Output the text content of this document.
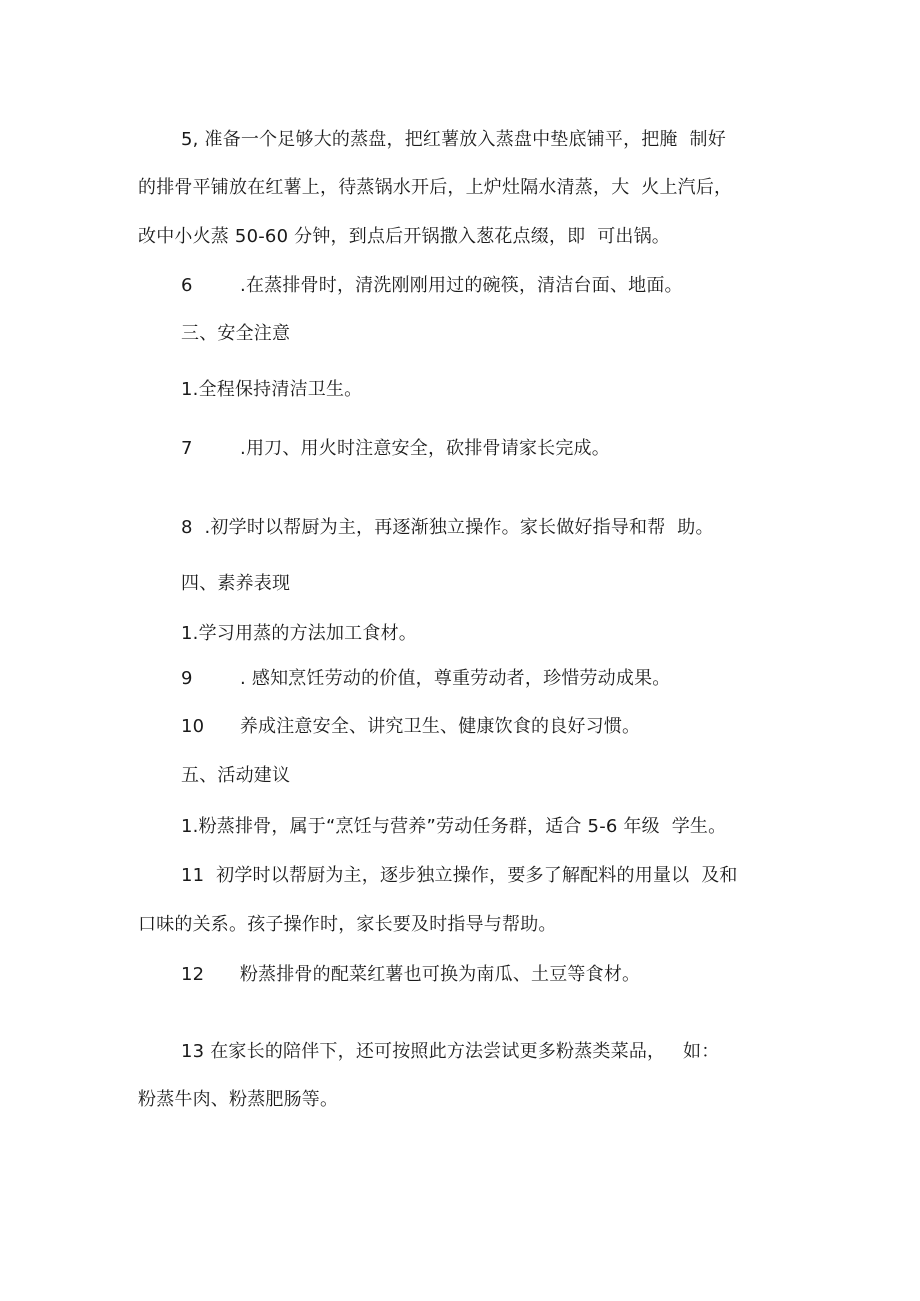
5, 准备一个足够大的蒸盘，把红薯放入蒸盘中垫底铺平，把腌  制好
的排骨平铺放在红薯上，待蒸锅水开后，上炉灶隔水清蒸，大  火上汽后，
改中小火蒸 50-60 分钟，到点后开锅撒入葱花点缀，即  可出锅。
6        .在蒸排骨时，清洗刚刚用过的碗筷，清洁台面、地面。
三、安全注意
1.全程保持清洁卫生。
7        .用刀、用火时注意安全，砍排骨请家长完成。
8  .初学时以帮厨为主，再逐渐独立操作。家长做好指导和帮  助。
四、素养表现
1.学习用蒸的方法加工食材。
9        . 感知烹饪劳动的价值，尊重劳动者，珍惜劳动成果。
10      养成注意安全、讲究卫生、健康饮食的良好习惯。
五、活动建议
1.粉蒸排骨，属于“烹饪与营养”劳动任务群，适合 5-6 年级  学生。
11  初学时以帮厨为主，逐步独立操作，要多了解配料的用量以  及和
口味的关系。孩子操作时，家长要及时指导与帮助。
12      粉蒸排骨的配菜红薯也可换为南瓜、土豆等食材。
13 在家长的陪伴下，还可按照此方法尝试更多粉蒸类菜品，   如：
粉蒸牛肉、粉蒸肥肠等。
